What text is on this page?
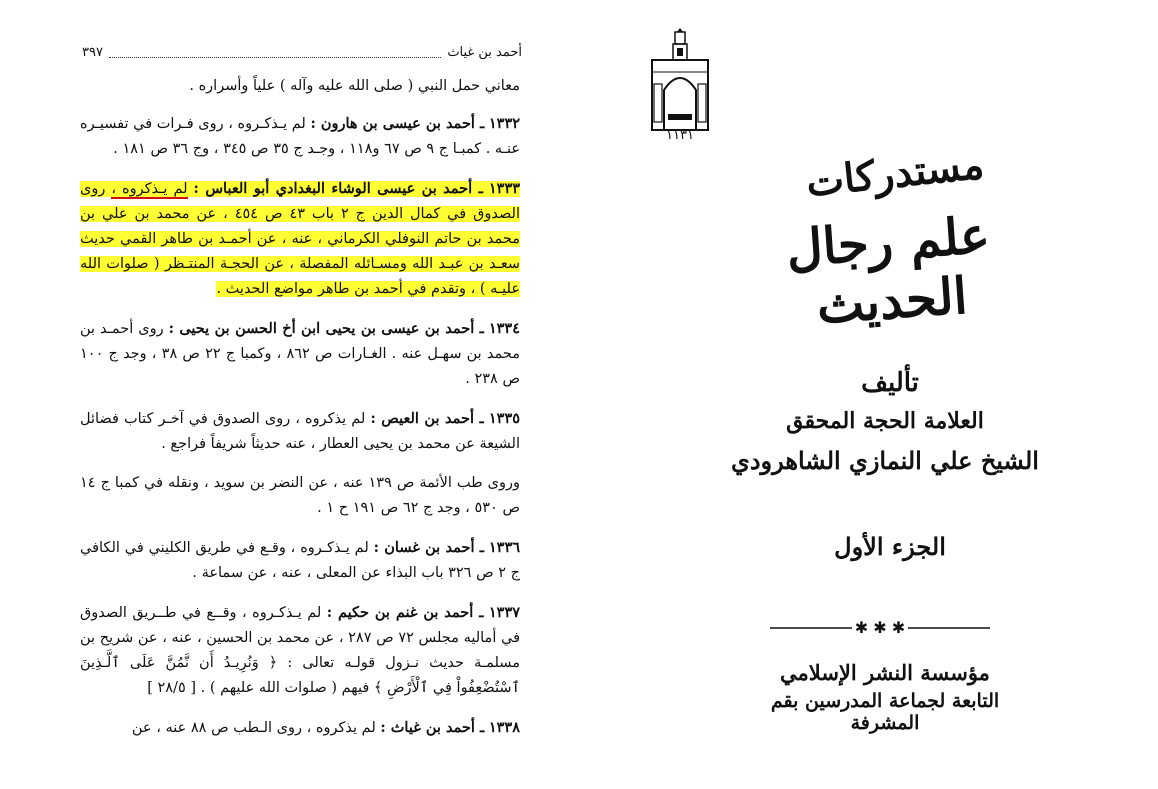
أحمد بن غياث
٣٩٧

معاني حمل النبي ( صلى الله عليه وآله ) علياً وأسراره .

١٣٣٢ ـ أحمد بن عيسى بن هارون : لم يـذكـروه ، روى فـرات في تفسيـره عنـه . كمبـا ج ٩ ص ٦٧ و١١٨ ، وجـد ج ٣٥ ص ٣٤٥ ، وج ٣٦ ص ١٨١ .

١٣٣٣ ـ أحمد بن عيسى الوشاء البغدادي أبو العباس : لم يـذكروه ، روى الصدوق في كمال الدين ج ٢ باب ٤٣ ص ٤٥٤ ، عن محمد بن علي بن محمد بن حاتم النوفلي الكرماني ، عنه ، عن أحمـد بن طاهر القمي حديث سعـد بن عبـد الله ومسـائله المفصلة ، عن الحجـة المنتـظر ( صلوات الله عليـه ) ، وتقدم في أحمد بن طاهر مواضع الحديث .

١٣٣٤ ـ أحمد بن عيسى بن يحيى ابن أخ الحسن بن يحيى : روى أحمـد بن محمد بن سهـل عنه . الغـارات ص ٨٦٢ ، وكمبا ج ٢٢ ص ٣٨ ، وجد ج ١٠٠ ص ٢٣٨ .

١٣٣٥ ـ أحمد بن العيص : لم يذكروه ، روى الصدوق في آخـر كتاب فضائل الشيعة عن محمد بن يحيى العطار ، عنه حديثاً شريفاً فراجع .

وروى طب الأئمة ص ١٣٩ عنه ، عن النضر بن سويد ، ونقله في كمبا ج ١٤ ص ٥٣٠ ، وجد ج ٦٢ ص ١٩١ ح ١ .

١٣٣٦ ـ أحمد بن غسان : لم يـذكـروه ، وقـع في طريق الكليني في الكافي ج ٢ ص ٣٢٦ باب البذاء عن المعلى ، عنه ، عن سماعة .

١٣٣٧ ـ أحمد بن غنم بن حكيم : لم يـذكـروه ، وقــع في طــريق الصدوق في أماليه مجلس ٧٢ ص ٢٨٧ ، عن محمد بن الحسين ، عنه ، عن شريح بن مسلمـة حديث نـزول قولـه تعالى : ﴿ وَنُرِيـدُ أَن نَّمُنَّ عَلَى ٱلَّـذِينَ ٱسْتُضْعِفُواْ فِي ٱلْأَرْضِ ﴾ فيهم ( صلوات الله عليهم ) . [ ٢٨/٥ ]

١٣٣٨ ـ أحمد بن غياث : لم يذكروه ، روى الـطب ص ٨٨ عنه ، عن

١١٣١
مستدركات
علم رجال الحديث
تأليف
العلامة الحجة المحقق
الشيخ علي النمازي الشاهرودي
الجزء الأول
✱ ✱ ✱
مؤسسة النشر الإسلامي
التابعة لجماعة المدرسين بقم المشرفة
